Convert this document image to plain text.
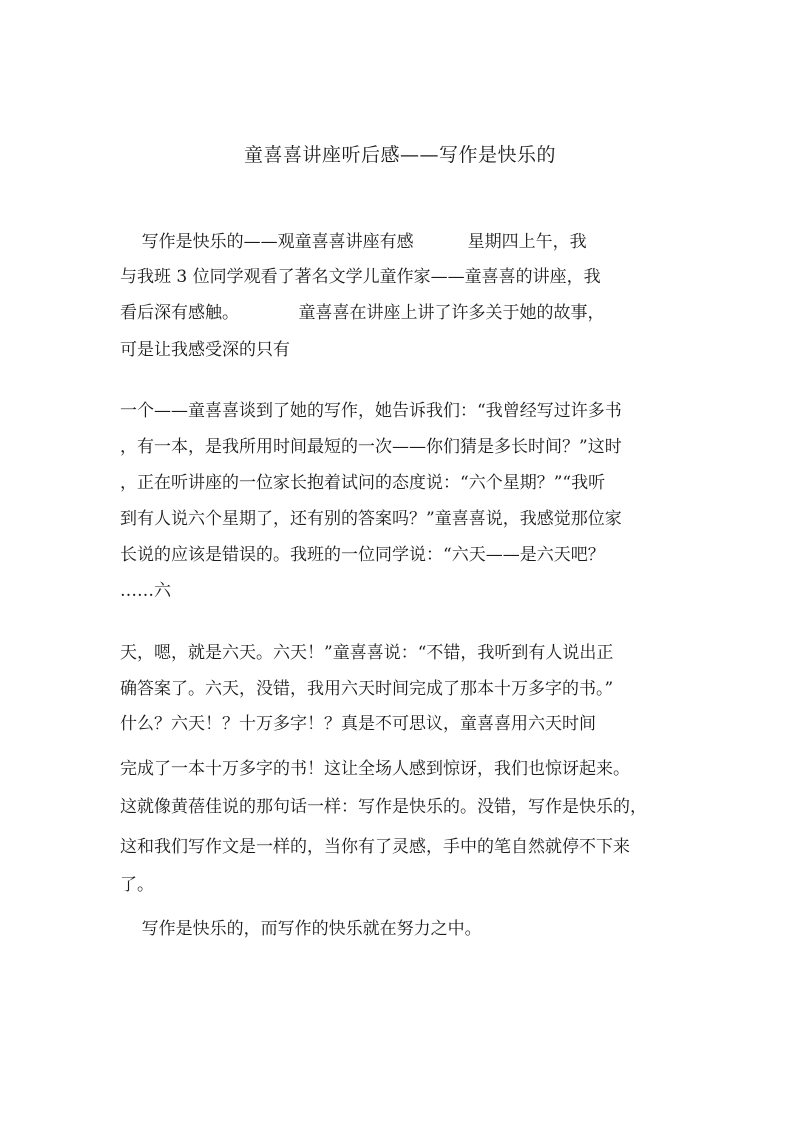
童喜喜讲座听后感——写作是快乐的
写作是快乐的——观童喜喜讲座有感          星期四上午，我
与我班 3 位同学观看了著名文学儿童作家——童喜喜的讲座，我
看后深有感触。           童喜喜在讲座上讲了许多关于她的故事，
可是让我感受深的只有
一个——童喜喜谈到了她的写作，她告诉我们：“我曾经写过许多书
，有一本，是我所用时间最短的一次——你们猜是多长时间？”这时
，正在听讲座的一位家长抱着试问的态度说：“六个星期？”“我听
到有人说六个星期了，还有别的答案吗？”童喜喜说，我感觉那位家
长说的应该是错误的。我班的一位同学说：“六天——是六天吧？
……六
天，嗯，就是六天。六天！”童喜喜说：“不错，我听到有人说出正
确答案了。六天，没错，我用六天时间完成了那本十万多字的书。”
什么？六天！？十万多字！？真是不可思议，童喜喜用六天时间
完成了一本十万多字的书！这让全场人感到惊讶，我们也惊讶起来。
这就像黄蓓佳说的那句话一样：写作是快乐的。没错，写作是快乐的，
这和我们写作文是一样的，当你有了灵感，手中的笔自然就停不下来
了。
写作是快乐的，而写作的快乐就在努力之中。
